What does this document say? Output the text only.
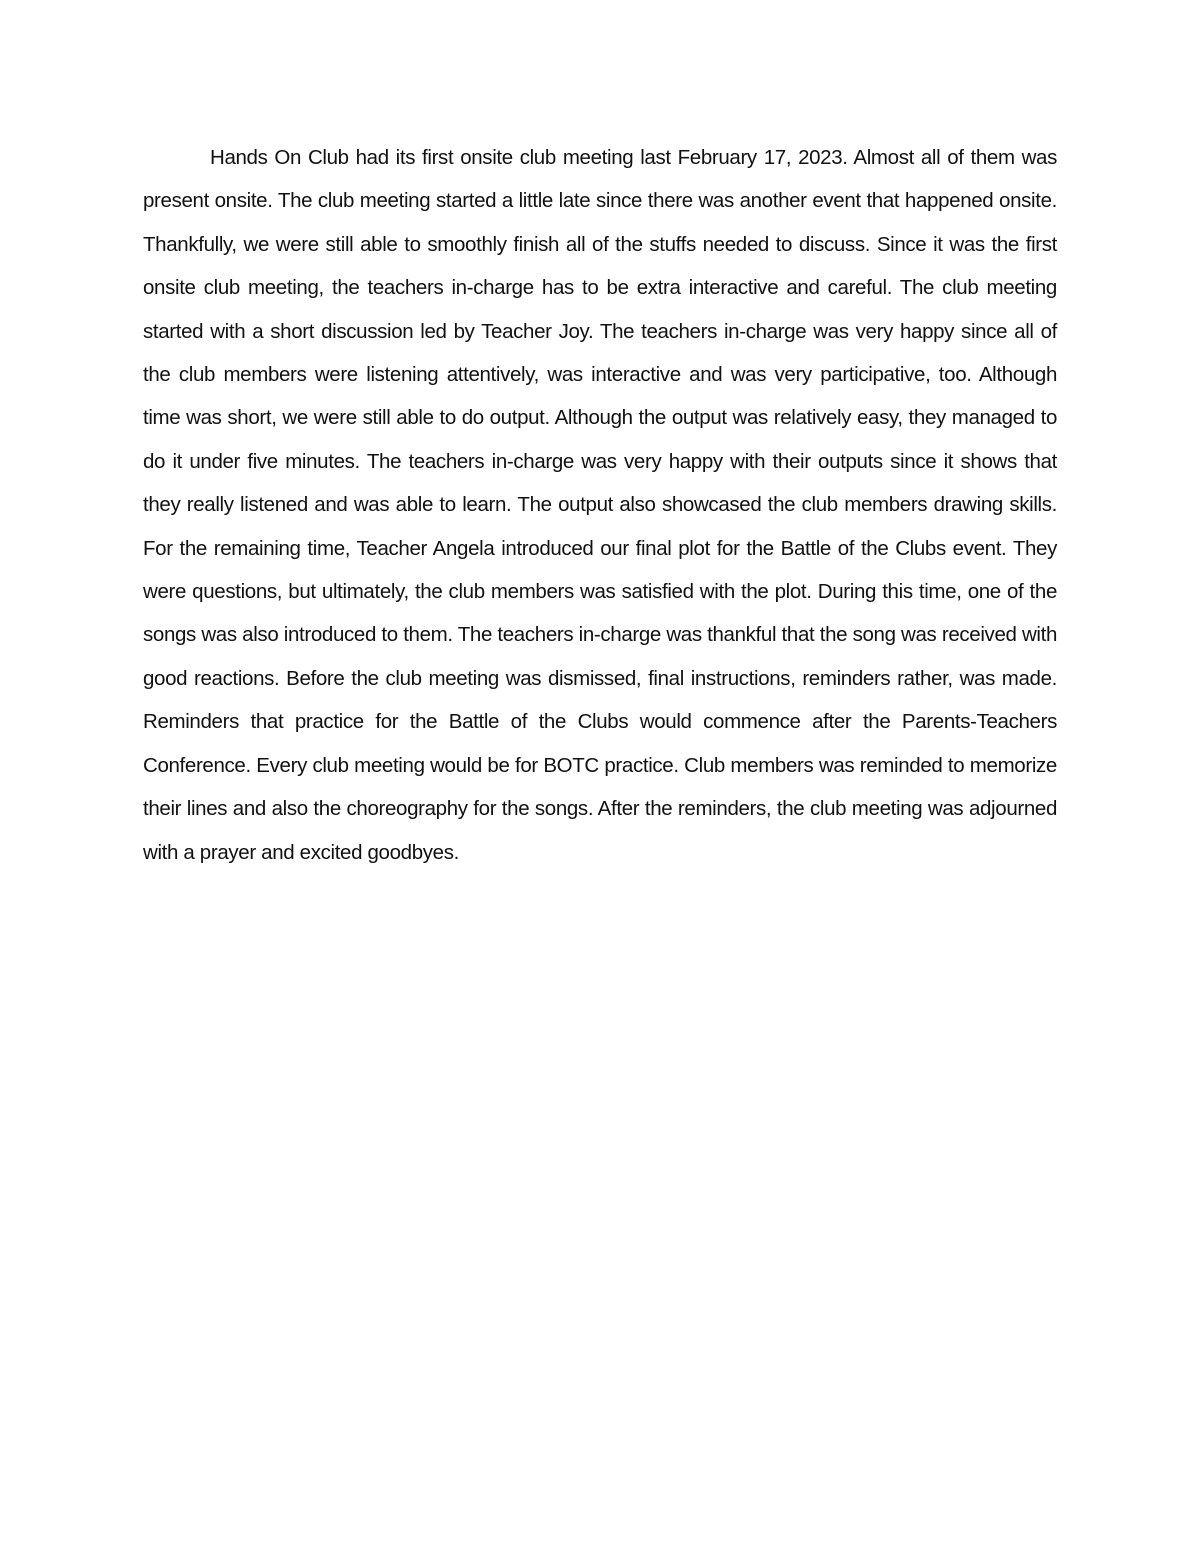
Hands On Club had its first onsite club meeting last February 17, 2023. Almost all of them was present onsite. The club meeting started a little late since there was another event that happened onsite. Thankfully, we were still able to smoothly finish all of the stuffs needed to discuss. Since it was the first onsite club meeting, the teachers in-charge has to be extra interactive and careful. The club meeting started with a short discussion led by Teacher Joy. The teachers in-charge was very happy since all of the club members were listening attentively, was interactive and was very participative, too. Although time was short, we were still able to do output. Although the output was relatively easy, they managed to do it under five minutes. The teachers in-charge was very happy with their outputs since it shows that they really listened and was able to learn. The output also showcased the club members drawing skills. For the remaining time, Teacher Angela introduced our final plot for the Battle of the Clubs event. They were questions, but ultimately, the club members was satisfied with the plot. During this time, one of the songs was also introduced to them. The teachers in-charge was thankful that the song was received with good reactions. Before the club meeting was dismissed, final instructions, reminders rather, was made. Reminders that practice for the Battle of the Clubs would commence after the Parents-Teachers Conference. Every club meeting would be for BOTC practice. Club members was reminded to memorize their lines and also the choreography for the songs. After the reminders, the club meeting was adjourned with a prayer and excited goodbyes.
